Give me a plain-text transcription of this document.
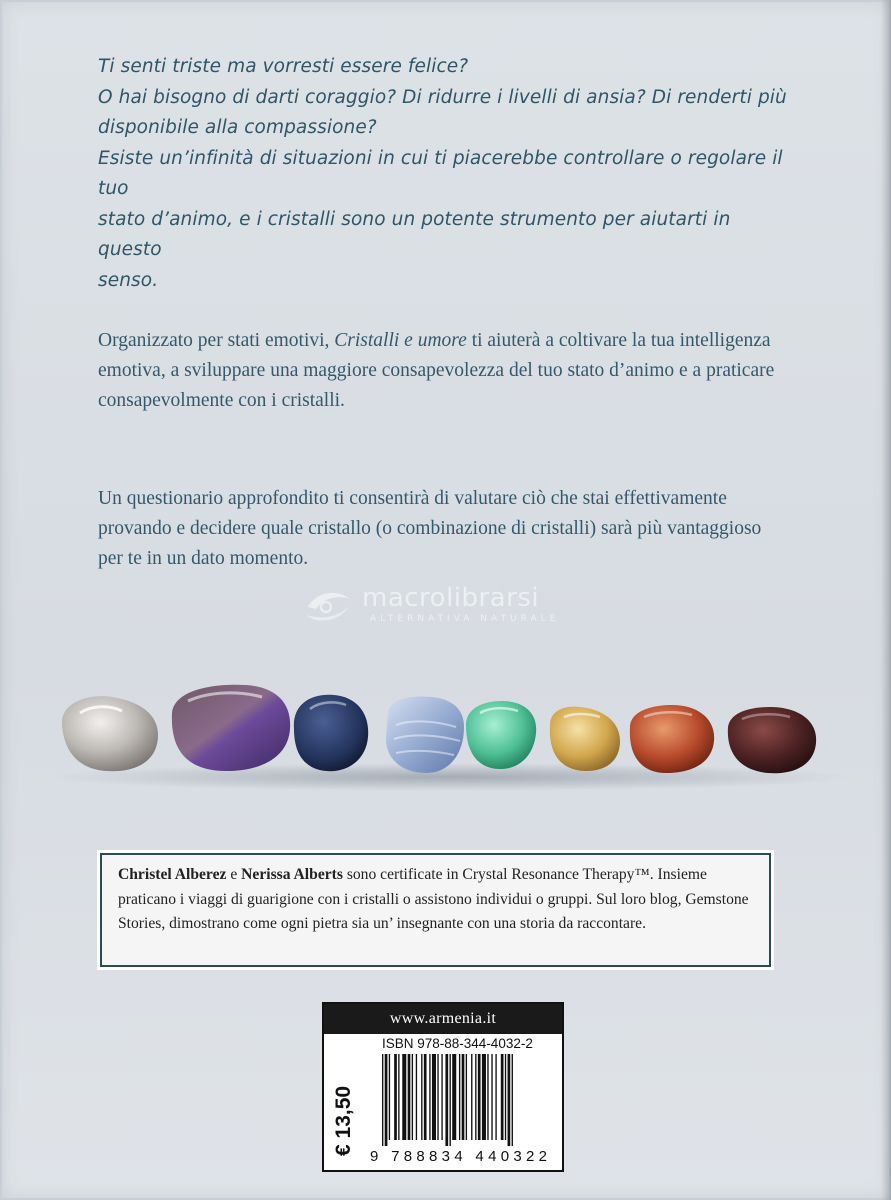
Ti senti triste ma vorresti essere felice?

O hai bisogno di darti coraggio? Di ridurre i livelli di ansia? Di renderti più

disponibile alla compassione?

Esiste un’infinità di situazioni in cui ti piacerebbe controllare o regolare il tuo

stato d’animo, e i cristalli sono un potente strumento per aiutarti in questo

senso.

Organizzato per stati emotivi, Cristalli e umore ti aiuterà a coltivare la tua intelligenza emotiva, a sviluppare una maggiore consapevolezza del tuo stato d’animo e a praticare consapevolmente con i cristalli.

Un questionario approfondito ti consentirà di valutare ciò che stai effettivamente provando e decidere quale cristallo (o combinazione di cristalli) sarà più vantaggioso per te in un dato momento.

macrolibrarsi
ALTERNATIVA NATURALE
Christel Alberez e Nerissa Alberts sono certificate in Crystal Resonance Therapy™. Insieme praticano i viaggi di guarigione con i cristalli o assistono individui o gruppi. Sul loro blog, Gemstone Stories, dimostrano come ogni pietra sia un’ insegnante con una storia da raccontare.
www.armenia.it
€ 13,50
ISBN 978-88-344-4032-2
9 788834 440322
